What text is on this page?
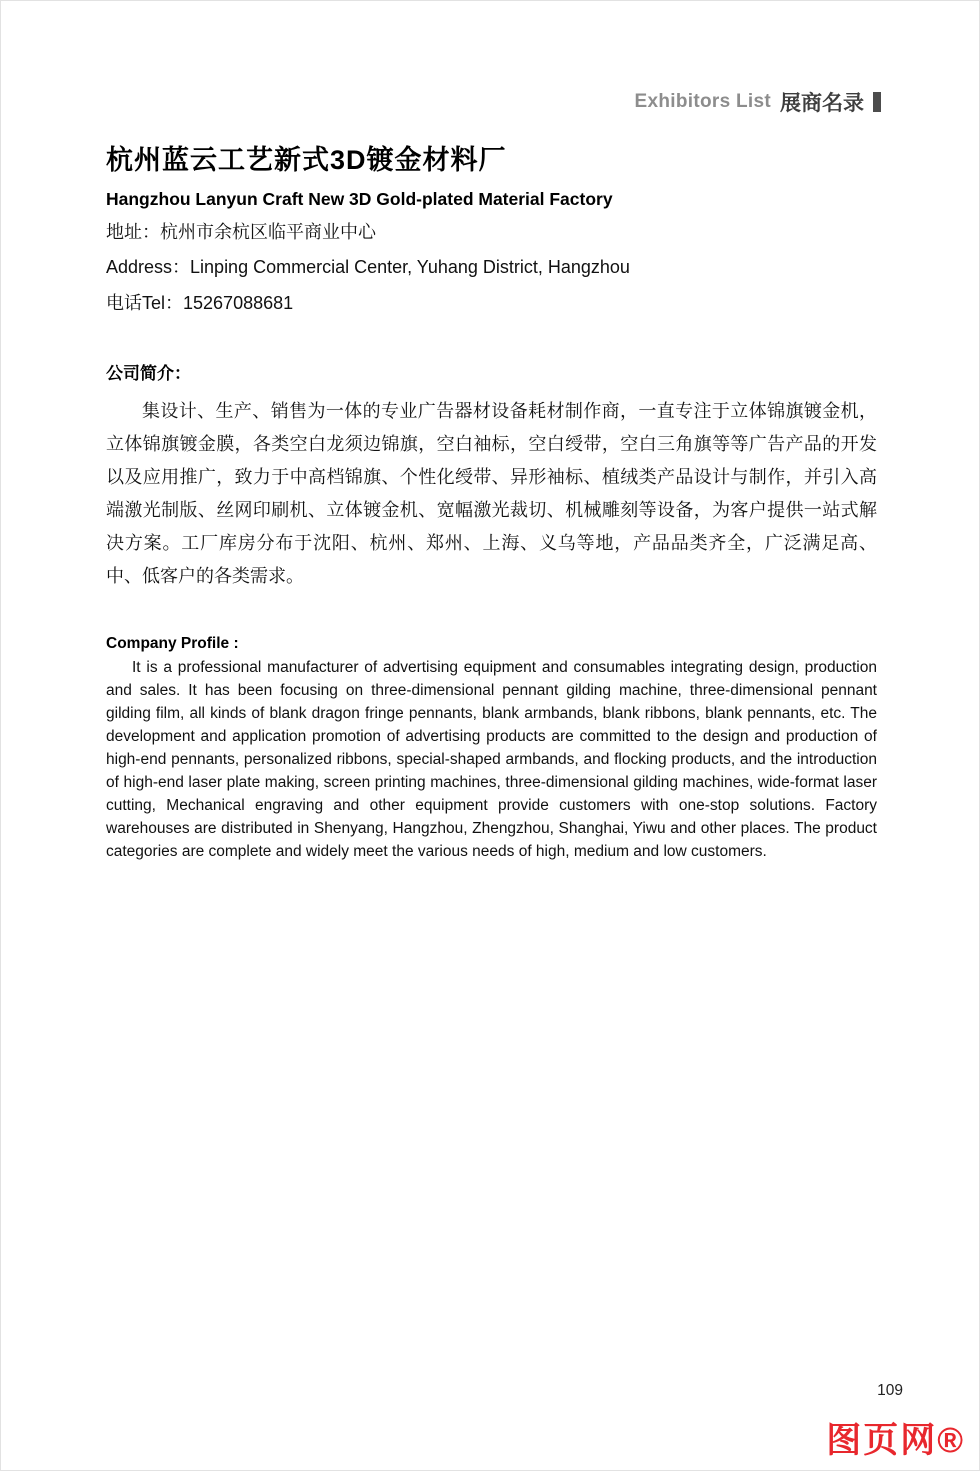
Exhibitors List 展商名录
杭州蓝云工艺新式3D镀金材料厂
Hangzhou Lanyun Craft New 3D Gold-plated Material Factory

地址：杭州市余杭区临平商业中心

Address：Linping Commercial Center, Yuhang District, Hangzhou

电话Tel：15267088681

公司简介：

集设计、生产、销售为一体的专业广告器材设备耗材制作商，一直专注于立体锦旗镀金机，立体锦旗镀金膜，各类空白龙须边锦旗，空白袖标，空白绶带，空白三角旗等等广告产品的开发以及应用推广，致力于中高档锦旗、个性化绶带、异形袖标、植绒类产品设计与制作，并引入高端激光制版、丝网印刷机、立体镀金机、宽幅激光裁切、机械雕刻等设备，为客户提供一站式解决方案。工厂库房分布于沈阳、杭州、郑州、上海、义乌等地，产品品类齐全，广泛满足高、中、低客户的各类需求。

Company Profile :

It is a professional manufacturer of advertising equipment and consumables integrating design, production and sales. It has been focusing on three-dimensional pennant gilding machine, three-dimensional pennant gilding film, all kinds of blank dragon fringe pennants, blank armbands, blank ribbons, blank pennants, etc. The development and application promotion of advertising products are committed to the design and production of high-end pennants, personalized ribbons, special-shaped armbands, and flocking products, and the introduction of high-end laser plate making, screen printing machines, three-dimensional gilding machines, wide-format laser cutting, Mechanical engraving and other equipment provide customers with one-stop solutions. Factory warehouses are distributed in Shenyang, Hangzhou, Zhengzhou, Shanghai, Yiwu and other places. The product categories are complete and widely meet the various needs of high, medium and low customers.

109
图页网®
